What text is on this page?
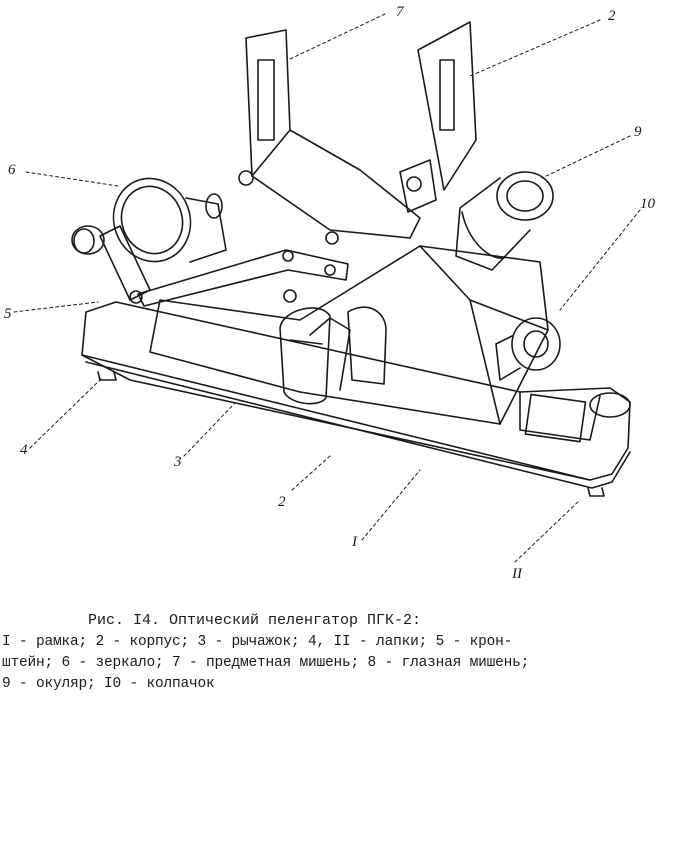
7	2
6
9
10
5
4
3
2
I
II
Рис. I4. Оптический пеленгатор ПГК-2:
I - рамка; 2 - корпус; 3 - рычажок; 4, II - лапки; 5 - крон-
штейн; 6 - зеркало; 7 - предметная мишень; 8 - глазная мишень;
9 - окуляр; I0 - колпачок
